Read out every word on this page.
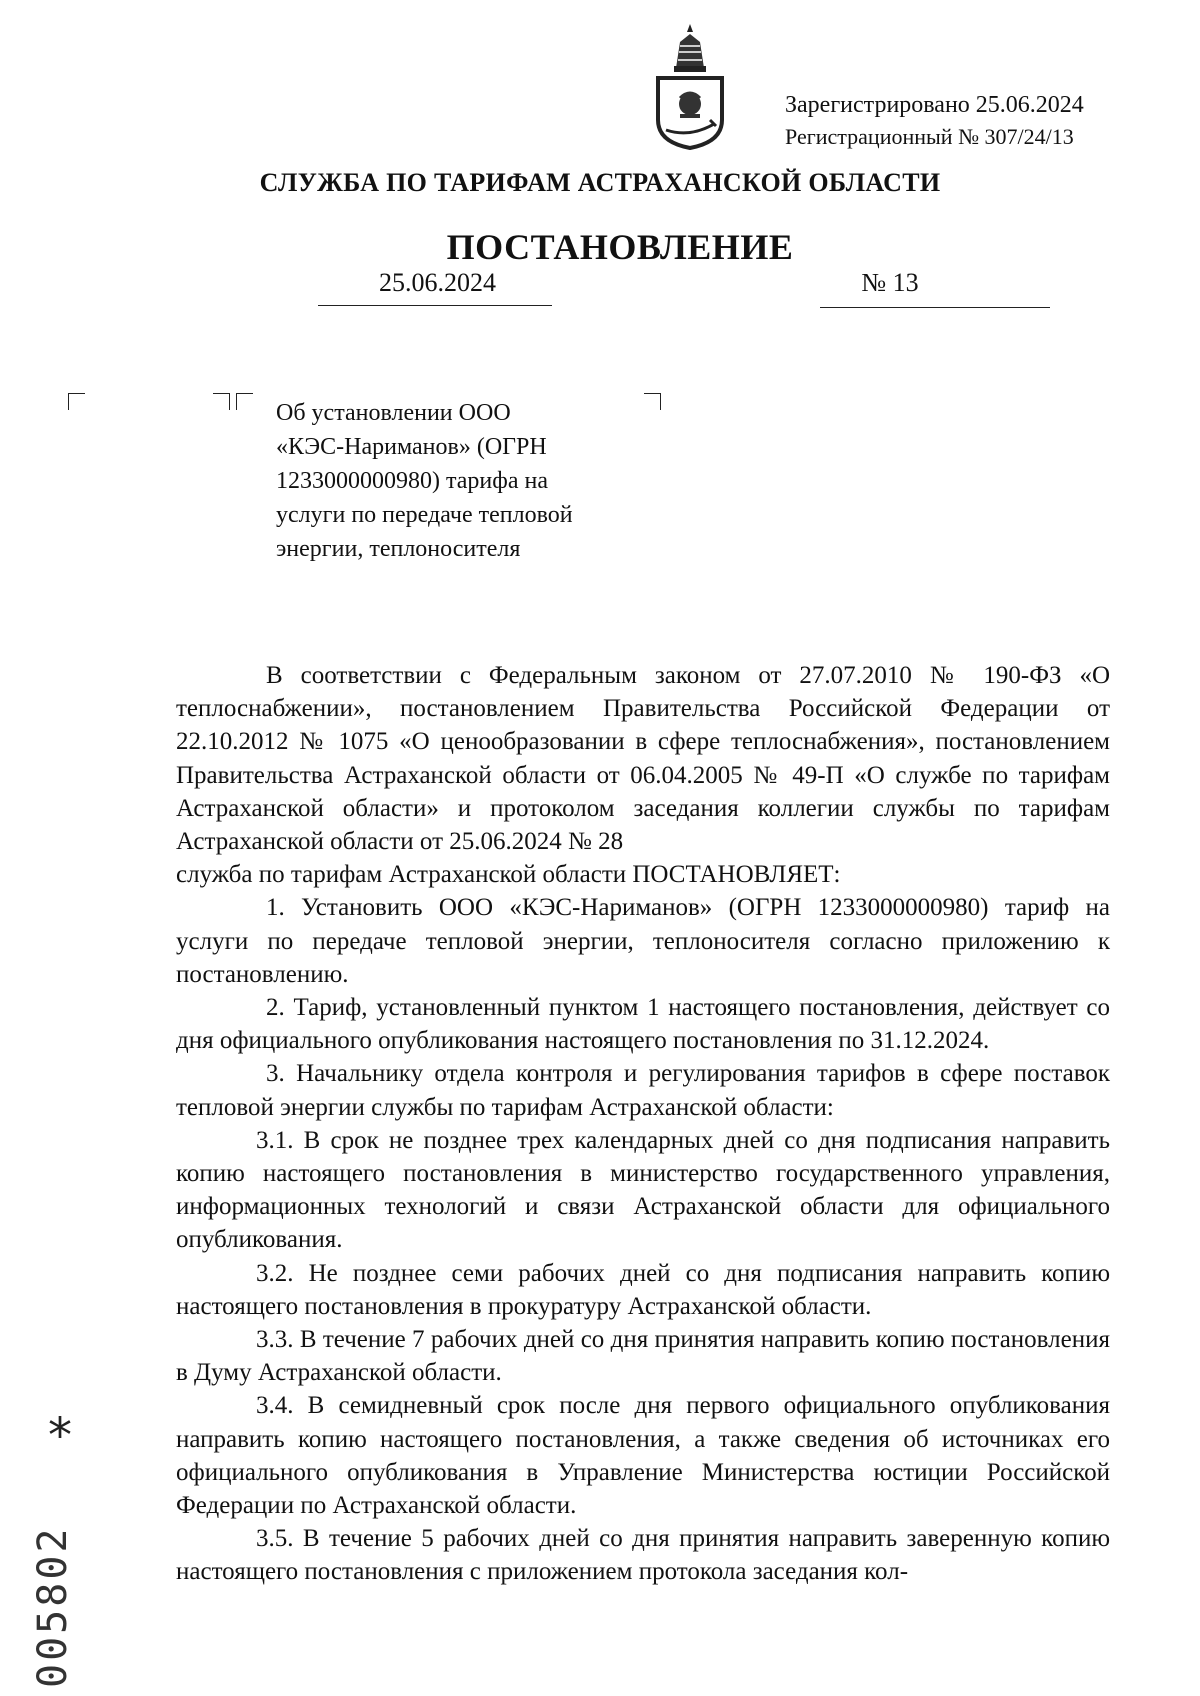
Зарегистрировано 25.06.2024
Регистрационный № 307/24/13
СЛУЖБА ПО ТАРИФАМ АСТРАХАНСКОЙ ОБЛАСТИ
ПОСТАНОВЛЕНИЕ
25.06.2024	№ 13
Об установлении ООО
«КЭС-Нариманов» (ОГРН
1233000000980) тарифа на
услуги по передаче тепловой
энергии, теплоносителя

В соответствии с Федеральным законом от 27.07.2010 № 190-ФЗ «О теплоснабжении», постановлением Правительства Российской Федерации от 22.10.2012 № 1075 «О ценообразовании в сфере теплоснабжения», постановлением Правительства Астраханской области от 06.04.2005 № 49-П «О службе по тарифам Астраханской области» и протоколом заседания коллегии службы по тарифам Астраханской области от 25.06.2024 № 28

служба по тарифам Астраханской области ПОСТАНОВЛЯЕТ:

1. Установить ООО «КЭС-Нариманов» (ОГРН 1233000000980) тариф на услуги по передаче тепловой энергии, теплоносителя согласно приложению к постановлению.

2. Тариф, установленный пунктом 1 настоящего постановления, действует со дня официального опубликования настоящего постановления по 31.12.2024.

3. Начальнику отдела контроля и регулирования тарифов в сфере поставок тепловой энергии службы по тарифам Астраханской области:

3.1. В срок не позднее трех календарных дней со дня подписания направить копию настоящего постановления в министерство государственного управления, информационных технологий и связи Астраханской области для официального опубликования.

3.2. Не позднее семи рабочих дней со дня подписания направить копию настоящего постановления в прокуратуру Астраханской области.

3.3. В течение 7 рабочих дней со дня принятия направить копию постановления в Думу Астраханской области.

3.4. В семидневный срок после дня первого официального опубликования направить копию настоящего постановления, а также сведения об источниках его официального опубликования в Управление Министерства юстиции Российской Федерации по Астраханской области.

3.5. В течение 5 рабочих дней со дня принятия направить заверенную копию настоящего постановления с приложением протокола заседания кол-

*
005802
